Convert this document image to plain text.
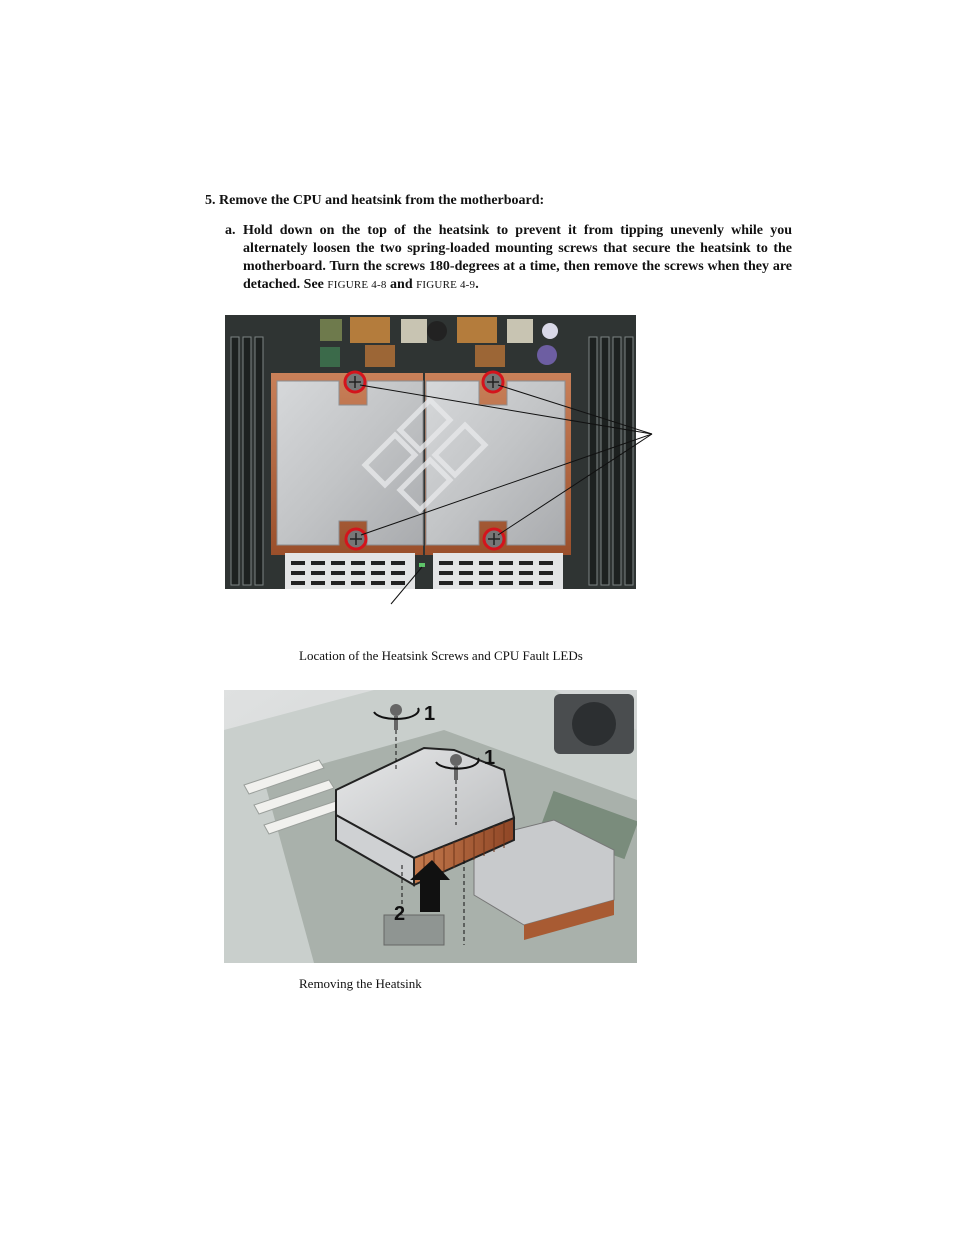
5. Remove the CPU and heatsink from the motherboard:
a. Hold down on the top of the heatsink to prevent it from tipping unevenly while you alternately loosen the two spring-loaded mounting screws that secure the heatsink to the motherboard. Turn the screws 180-degrees at a time, then remove the screws when they are detached. See FIGURE 4-8 and FIGURE 4-9.
Location of the Heatsink Screws and CPU Fault LEDs
1
1
2
Removing the Heatsink
